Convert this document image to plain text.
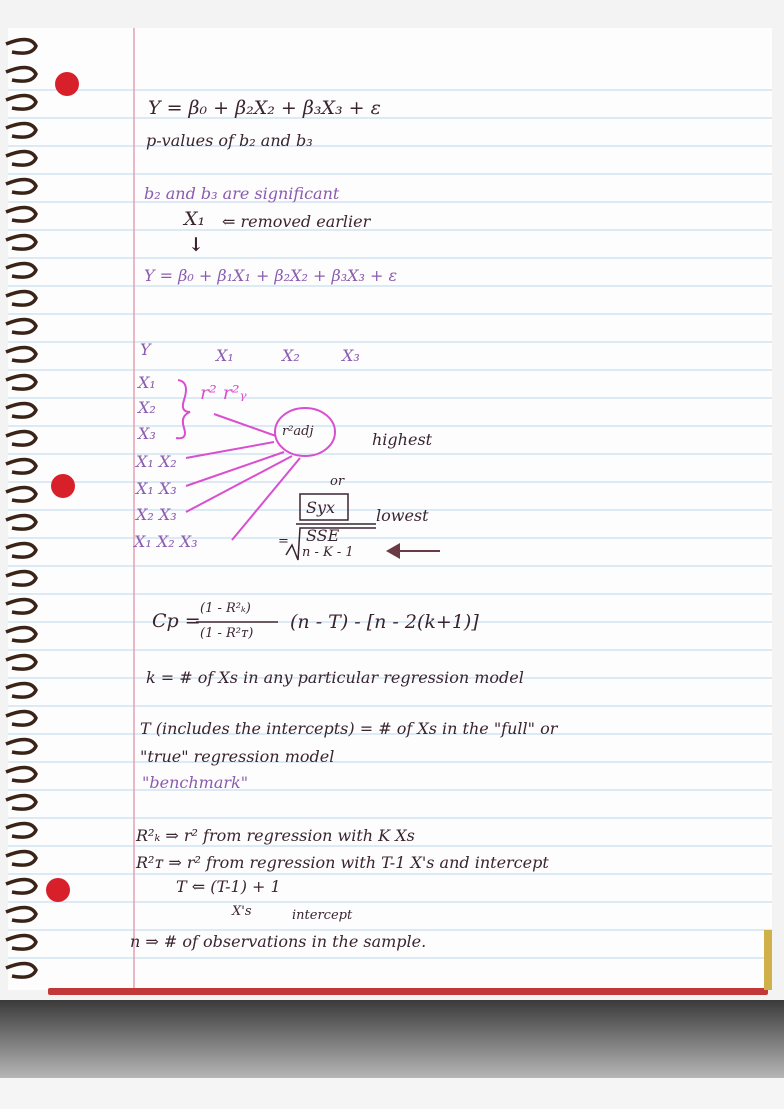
Y = β₀ + β₂X₂ + β₃X₃ + ε
p-values of b₂ and b₃
b₂ and b₃ are significant
X₁ ⇐ removed earlier
↓
Y = β₀ + β₁X₁ + β₂X₂ + β₃X₃ + ε
Y	X₁	X₂	X₃
X₁
X₂
X₃
X₁ X₂
X₁ X₃
X₂ X₃
X₁ X₂ X₃
r² r²ᵧ
r²adj	highest
or
Syx	lowest
= SSE
n - K - 1
Cp =
(1 - R²ₖ)
(1 - R²ᴛ)
(n - T) - [n - 2(k+1)]
k = # of Xs in any particular regression model
T (includes the intercepts) = # of Xs in the "full" or
"true" regression model
"benchmark"
R²ₖ ⇒ r² from regression with K Xs
R²ᴛ ⇒ r² from regression with T-1 X's and intercept
T ⇐ (T-1) + 1
X's	intercept
n ⇒ # of observations in the sample.
